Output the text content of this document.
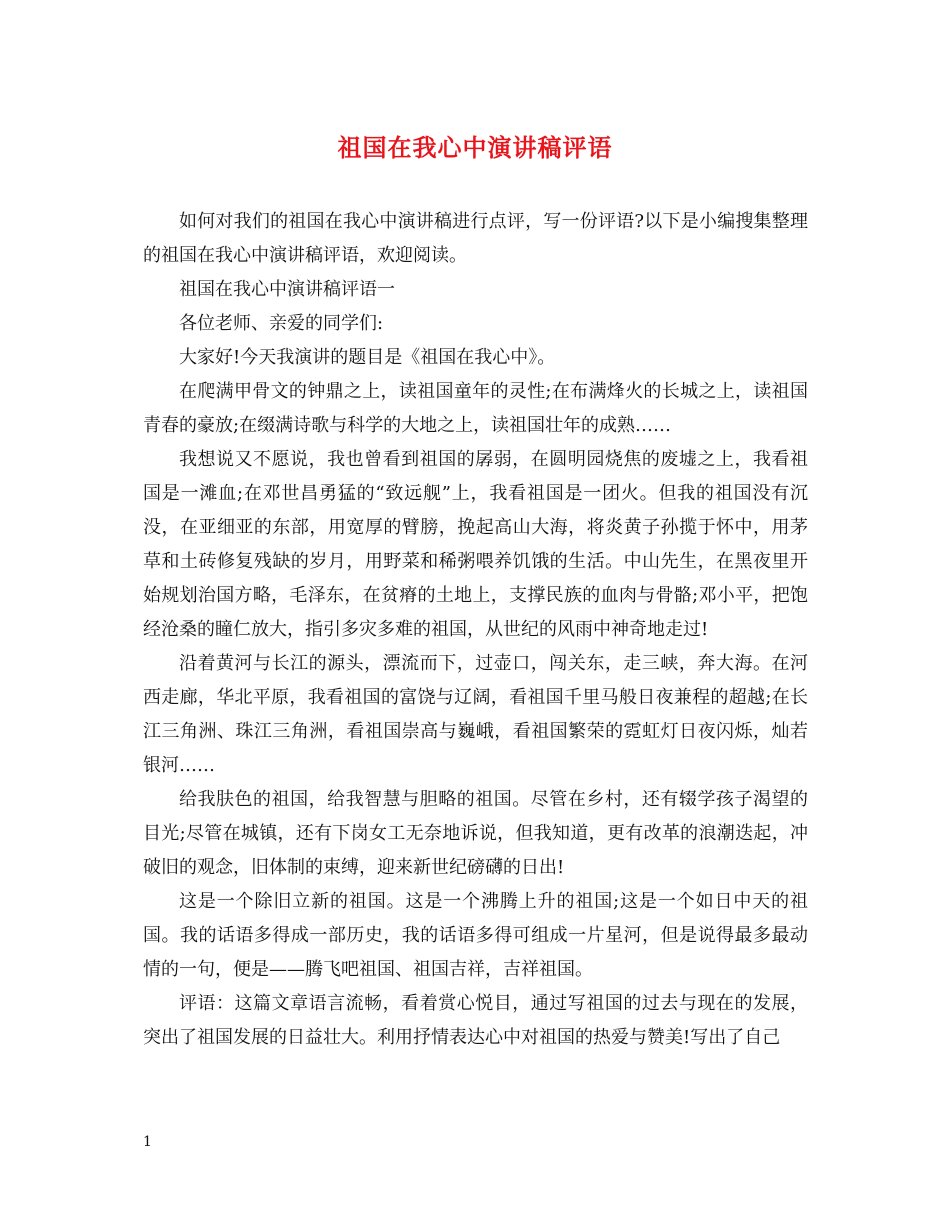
祖国在我心中演讲稿评语

如何对我们的祖国在我心中演讲稿进行点评，写一份评语?以下是小编搜集整理的祖国在我心中演讲稿评语，欢迎阅读。

祖国在我心中演讲稿评语一

各位老师、亲爱的同学们:

大家好!今天我演讲的题目是《祖国在我心中》。

在爬满甲骨文的钟鼎之上，读祖国童年的灵性;在布满烽火的长城之上，读祖国青春的豪放;在缀满诗歌与科学的大地之上，读祖国壮年的成熟……

我想说又不愿说，我也曾看到祖国的孱弱，在圆明园烧焦的废墟之上，我看祖国是一滩血;在邓世昌勇猛的“致远舰”上，我看祖国是一团火。但我的祖国没有沉没，在亚细亚的东部，用宽厚的臂膀，挽起高山大海，将炎黄子孙揽于怀中，用茅草和土砖修复残缺的岁月，用野菜和稀粥喂养饥饿的生活。中山先生，在黑夜里开始规划治国方略，毛泽东，在贫瘠的土地上，支撑民族的血肉与骨骼;邓小平，把饱经沧桑的瞳仁放大，指引多灾多难的祖国，从世纪的风雨中神奇地走过!

沿着黄河与长江的源头，漂流而下，过壶口，闯关东，走三峡，奔大海。在河西走廊，华北平原，我看祖国的富饶与辽阔，看祖国千里马般日夜兼程的超越;在长江三角洲、珠江三角洲，看祖国崇高与巍峨，看祖国繁荣的霓虹灯日夜闪烁，灿若银河……

给我肤色的祖国，给我智慧与胆略的祖国。尽管在乡村，还有辍学孩子渴望的目光;尽管在城镇，还有下岗女工无奈地诉说，但我知道，更有改革的浪潮迭起，冲破旧的观念，旧体制的束缚，迎来新世纪磅礴的日出!

这是一个除旧立新的祖国。这是一个沸腾上升的祖国;这是一个如日中天的祖国。我的话语多得成一部历史，我的话语多得可组成一片星河，但是说得最多最动情的一句，便是——腾飞吧祖国、祖国吉祥，吉祥祖国。

评语：这篇文章语言流畅，看着赏心悦目，通过写祖国的过去与现在的发展，突出了祖国发展的日益壮大。利用抒情表达心中对祖国的热爱与赞美!写出了自己

1
